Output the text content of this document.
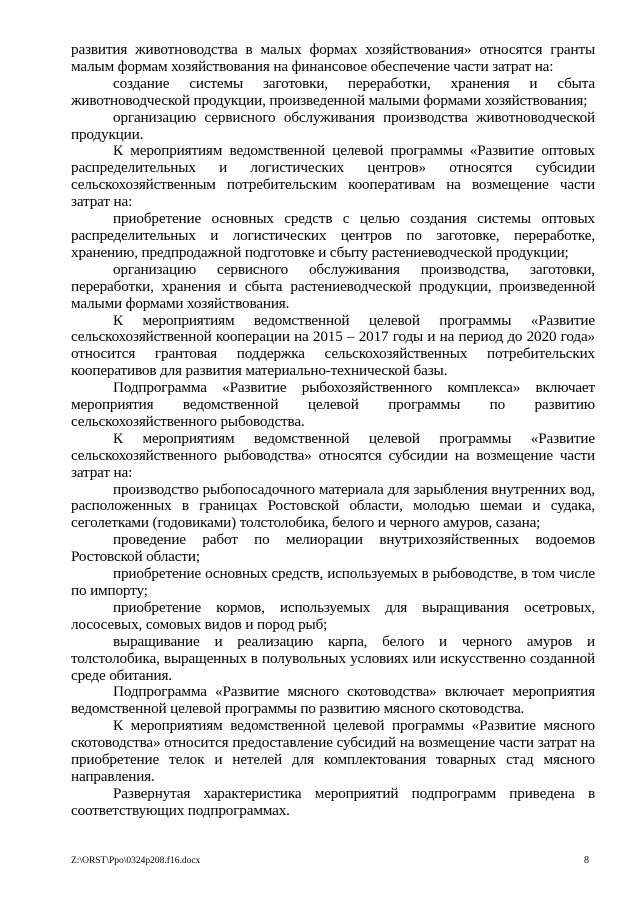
развития животноводства в малых формах хозяйствования» относятся гранты малым формам хозяйствования на финансовое обеспечение части затрат на:

создание системы заготовки, переработки, хранения и сбыта животноводческой продукции, произведенной малыми формами хозяйствования;

организацию сервисного обслуживания производства животноводческой продукции.

К мероприятиям ведомственной целевой программы «Развитие оптовых распределительных и логистических центров» относятся субсидии сельскохозяйственным потребительским кооперативам на возмещение части затрат на:

приобретение основных средств с целью создания системы оптовых распределительных и логистических центров по заготовке, переработке, хранению, предпродажной подготовке и сбыту растениеводческой продукции;

организацию сервисного обслуживания производства, заготовки, переработки, хранения и сбыта растениеводческой продукции, произведенной малыми формами хозяйствования.

К мероприятиям ведомственной целевой программы «Развитие сельскохозяйственной кооперации на 2015 – 2017 годы и на период до 2020 года» относится грантовая поддержка сельскохозяйственных потребительских кооперативов для развития материально-технической базы.

Подпрограмма «Развитие рыбохозяйственного комплекса» включает мероприятия ведомственной целевой программы по развитию сельскохозяйственного рыбоводства.

К мероприятиям ведомственной целевой программы «Развитие сельскохозяйственного рыбоводства» относятся субсидии на возмещение части затрат на:

производство рыбопосадочного материала для зарыбления внутренних вод, расположенных в границах Ростовской области, молодью шемаи и судака, сеголетками (годовиками) толстолобика, белого и черного амуров, сазана;

проведение работ по мелиорации внутрихозяйственных водоемов Ростовской области;

приобретение основных средств, используемых в рыбоводстве, в том числе по импорту;

приобретение кормов, используемых для выращивания осетровых, лососевых, сомовых видов и пород рыб;

выращиваниe и реализацию карпа, белого и черного амуров и толстолобика, выращенных в полувольных условиях или искусственно созданной среде обитания.

Подпрограмма «Развитие мясного скотоводства» включает мероприятия ведомственной целевой программы по развитию мясного скотоводства.

К мероприятиям ведомственной целевой программы «Развитие мясного скотоводства» относится предоставление субсидий на возмещение части затрат на приобретение телок и нетелей для комплектования товарных стад мясного направления.

Развернутая характеристика мероприятий подпрограмм приведена в соответствующих подпрограммах.

Z:\ORST\Ppo\0324p208.f16.docx	8
